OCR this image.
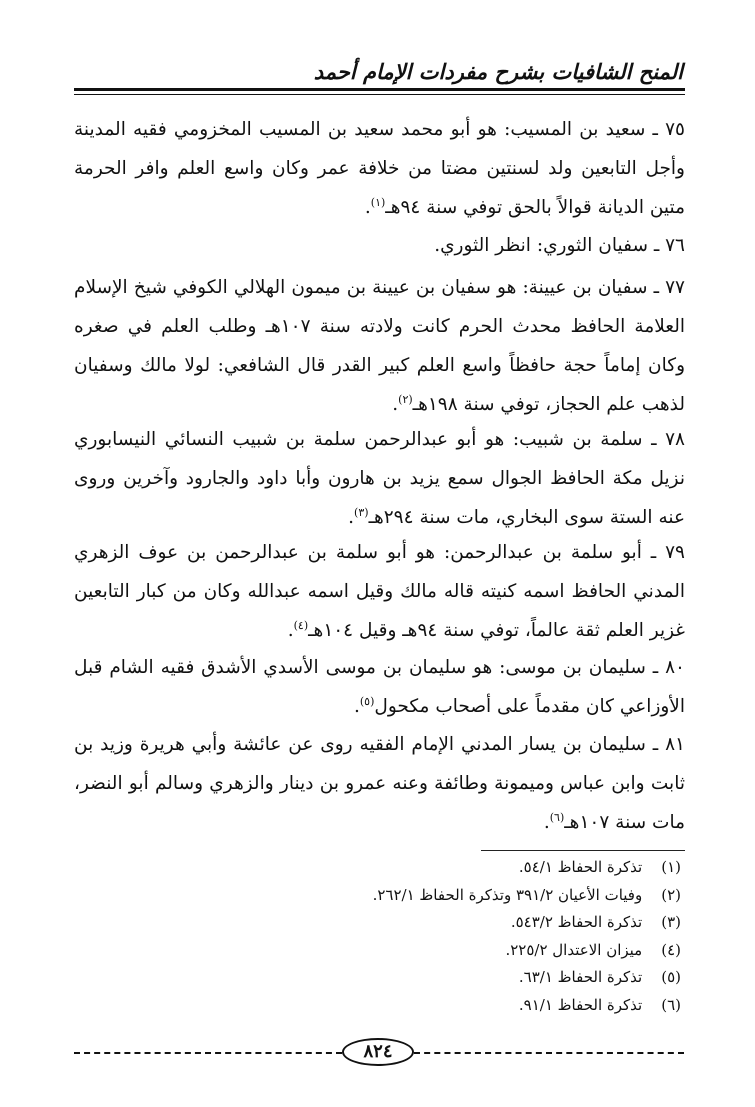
المنح الشافيات بشرح مفردات الإمام أحمد
٧٥ ـ سعيد بن المسيب: هو أبو محمد سعيد بن المسيب المخزومي فقيه المدينة وأجل التابعين ولد لسنتين مضتا من خلافة عمر وكان واسع العلم وافر الحرمة متين الديانة قوالاً بالحق توفي سنة ٩٤هـ$^{(١)}$.
٧٦ ـ سفيان الثوري: انظر الثوري.
٧٧ ـ سفيان بن عيينة: هو سفيان بن عيينة بن ميمون الهلالي الكوفي شيخ الإسلام العلامة الحافظ محدث الحرم كانت ولادته سنة ١٠٧هـ وطلب العلم في صغره وكان إماماً حجة حافظاً واسع العلم كبير القدر قال الشافعي: لولا مالك وسفيان لذهب علم الحجاز، توفي سنة ١٩٨هـ$^{(٢)}$.
٧٨ ـ سلمة بن شبيب: هو أبو عبدالرحمن سلمة بن شبيب النسائي النيسابوري نزيل مكة الحافظ الجوال سمع يزيد بن هارون وأبا داود والجارود وآخرين وروى عنه الستة سوى البخاري، مات سنة ٢٩٤هـ$^{(٣)}$.
٧٩ ـ أبو سلمة بن عبدالرحمن: هو أبو سلمة بن عبدالرحمن بن عوف الزهري المدني الحافظ اسمه كنيته قاله مالك وقيل اسمه عبدالله وكان من كبار التابعين غزير العلم ثقة عالماً، توفي سنة ٩٤هـ وقيل ١٠٤هـ$^{(٤)}$.
٨٠ ـ سليمان بن موسى: هو سليمان بن موسى الأسدي الأشدق فقيه الشام قبل الأوزاعي كان مقدماً على أصحاب مكحول$^{(٥)}$.
٨١ ـ سليمان بن يسار المدني الإمام الفقيه روى عن عائشة وأبي هريرة وزيد بن ثابت وابن عباس وميمونة وطائفة وعنه عمرو بن دينار والزهري وسالم أبو النضر، مات سنة ١٠٧هـ$^{(٦)}$.
(١) تذكرة الحفاظ ٥٤/١.
(٢) وفيات الأعيان ٣٩١/٢ وتذكرة الحفاظ ٢٦٢/١.
(٣) تذكرة الحفاظ ٥٤٣/٢.
(٤) ميزان الاعتدال ٢٢٥/٢.
(٥) تذكرة الحفاظ ٦٣/١.
(٦) تذكرة الحفاظ ٩١/١.
٨٢٤
